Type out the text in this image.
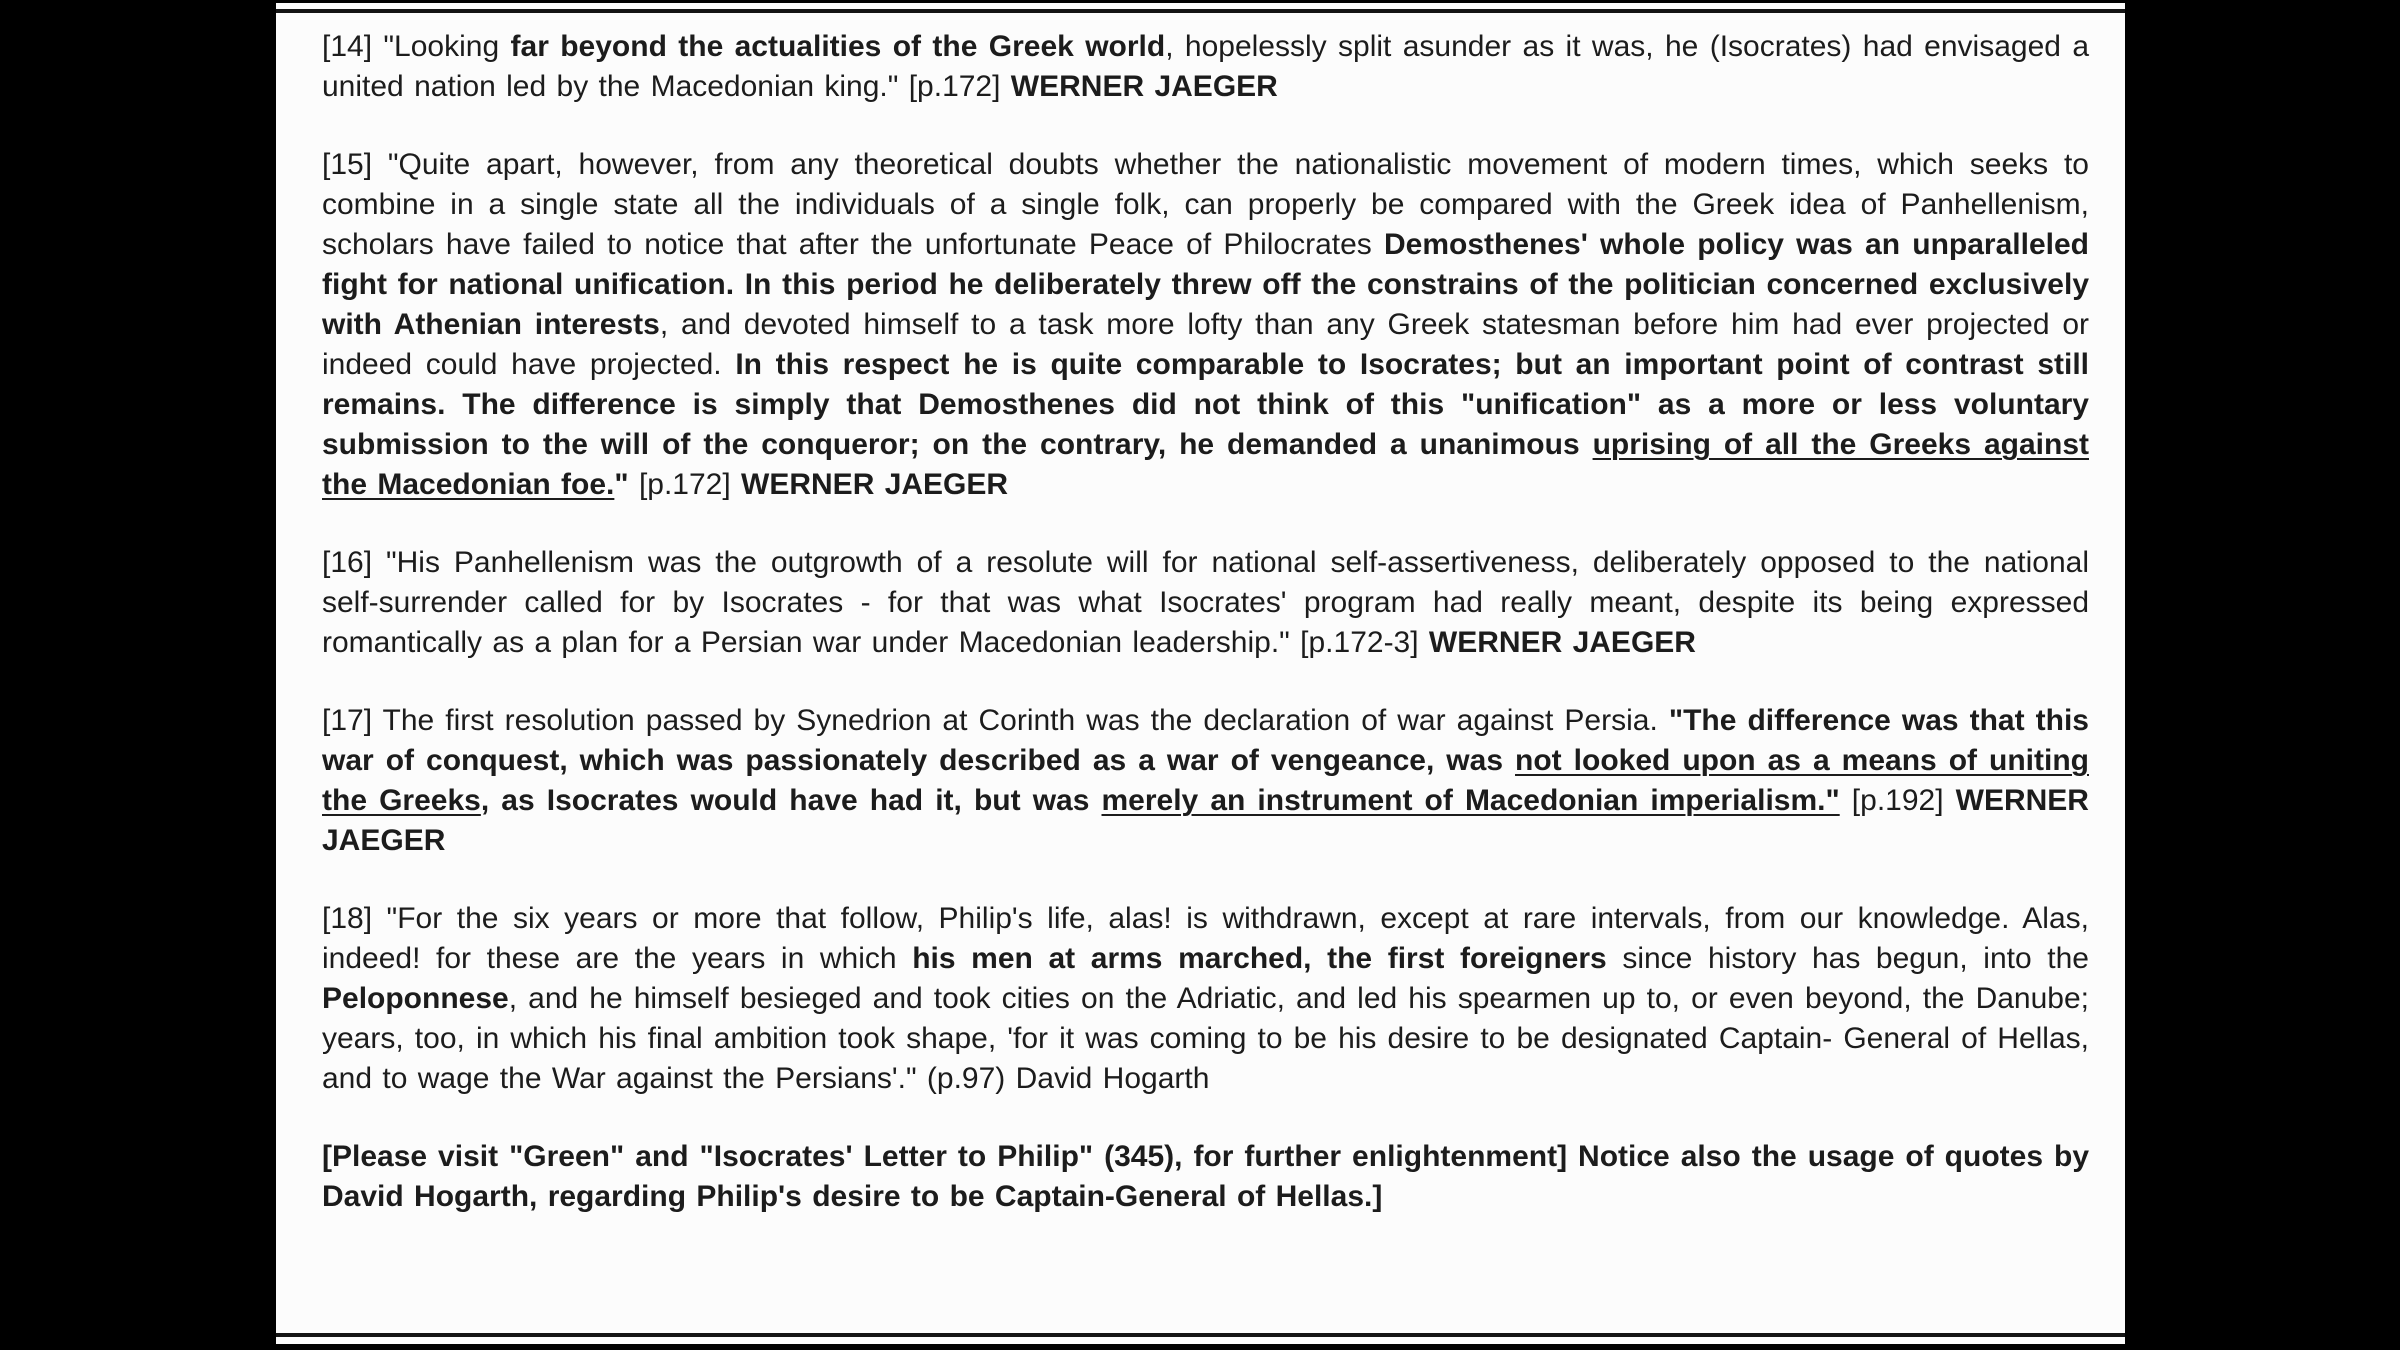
[14] "Looking far beyond the actualities of the Greek world, hopelessly split asunder as it was, he (Isocrates) had envisaged a united nation led by the Macedonian king." [p.172] WERNER JAEGER

[15] "Quite apart, however, from any theoretical doubts whether the nationalistic movement of modern times, which seeks to combine in a single state all the individuals of a single folk, can properly be compared with the Greek idea of Panhellenism, scholars have failed to notice that after the unfortunate Peace of Philocrates Demosthenes' whole policy was an unparalleled fight for national unification. In this period he deliberately threw off the constrains of the politician concerned exclusively with Athenian interests, and devoted himself to a task more lofty than any Greek statesman before him had ever projected or indeed could have projected. In this respect he is quite comparable to Isocrates; but an important point of contrast still remains. The difference is simply that Demosthenes did not think of this "unification" as a more or less voluntary submission to the will of the conqueror; on the contrary, he demanded a unanimous uprising of all the Greeks against the Macedonian foe." [p.172] WERNER JAEGER

[16] "His Panhellenism was the outgrowth of a resolute will for national self-assertiveness, deliberately opposed to the national self-surrender called for by Isocrates - for that was what Isocrates' program had really meant, despite its being expressed romantically as a plan for a Persian war under Macedonian leadership." [p.172-3] WERNER JAEGER

[17] The first resolution passed by Synedrion at Corinth was the declaration of war against Persia. "The difference was that this war of conquest, which was passionately described as a war of vengeance, was not looked upon as a means of uniting the Greeks, as Isocrates would have had it, but was merely an instrument of Macedonian imperialism." [p.192] WERNER JAEGER

[18] "For the six years or more that follow, Philip's life, alas! is withdrawn, except at rare intervals, from our knowledge. Alas, indeed! for these are the years in which his men at arms marched, the first foreigners since history has begun, into the Peloponnese, and he himself besieged and took cities on the Adriatic, and led his spearmen up to, or even beyond, the Danube; years, too, in which his final ambition took shape, 'for it was coming to be his desire to be designated Captain- General of Hellas, and to wage the War against the Persians'." (p.97) David Hogarth

[Please visit "Green" and "Isocrates' Letter to Philip" (345), for further enlightenment] Notice also the usage of quotes by David Hogarth, regarding Philip's desire to be Captain-General of Hellas.]
